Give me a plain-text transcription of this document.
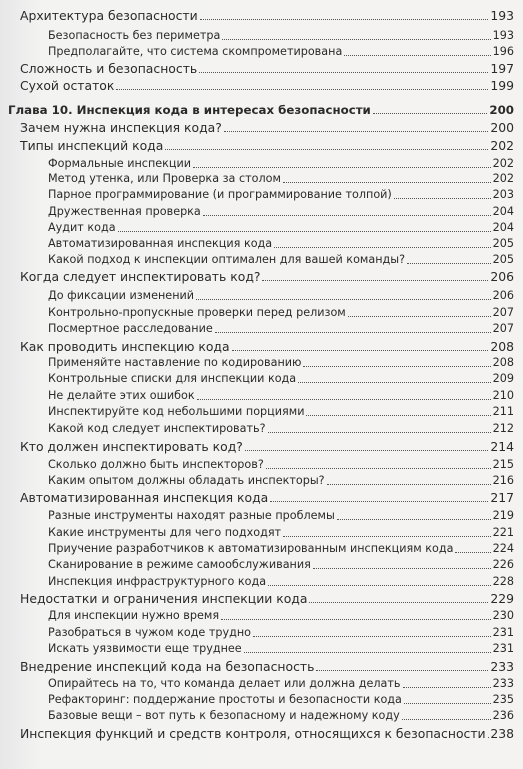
Архитектура безопасности	193
Безопасность без периметра	193
Предполагайте, что система скомпрометирована	196
Сложность и безопасность	197
Сухой остаток	199
Глава 10. Инспекция кода в интересах безопасности	200
Зачем нужна инспекция кода?	200
Типы инспекций кода	202
Формальные инспекции	202
Метод утенка, или Проверка за столом	202
Парное программирование (и программирование толпой)	203
Дружественная проверка	204
Аудит кода	204
Автоматизированная инспекция кода	205
Какой подход к инспекции оптимален для вашей команды?	205
Когда следует инспектировать код?	206
До фиксации изменений	206
Контрольно-пропускные проверки перед релизом	207
Посмертное расследование	207
Как проводить инспекцию кода	208
Применяйте наставление по кодированию	208
Контрольные списки для инспекции кода	209
Не делайте этих ошибок	210
Инспектируйте код небольшими порциями	211
Какой код следует инспектировать?	212
Кто должен инспектировать код?	214
Сколько должно быть инспекторов?	215
Каким опытом должны обладать инспекторы?	216
Автоматизированная инспекция кода	217
Разные инструменты находят разные проблемы	219
Какие инструменты для чего подходят	221
Приучение разработчиков к автоматизированным инспекциям кода	224
Сканирование в режиме самообслуживания	226
Инспекция инфраструктурного кода	228
Недостатки и ограничения инспекции кода	229
Для инспекции нужно время	230
Разобраться в чужом коде трудно	231
Искать уязвимости еще труднее	231
Внедрение инспекций кода на безопасность	233
Опирайтесь на то, что команда делает или должна делать	233
Рефакторинг: поддержание простоты и безопасности кода	235
Базовые вещи – вот путь к безопасному и надежному коду	236
Инспекция функций и средств контроля, относящихся к безопасности 238
